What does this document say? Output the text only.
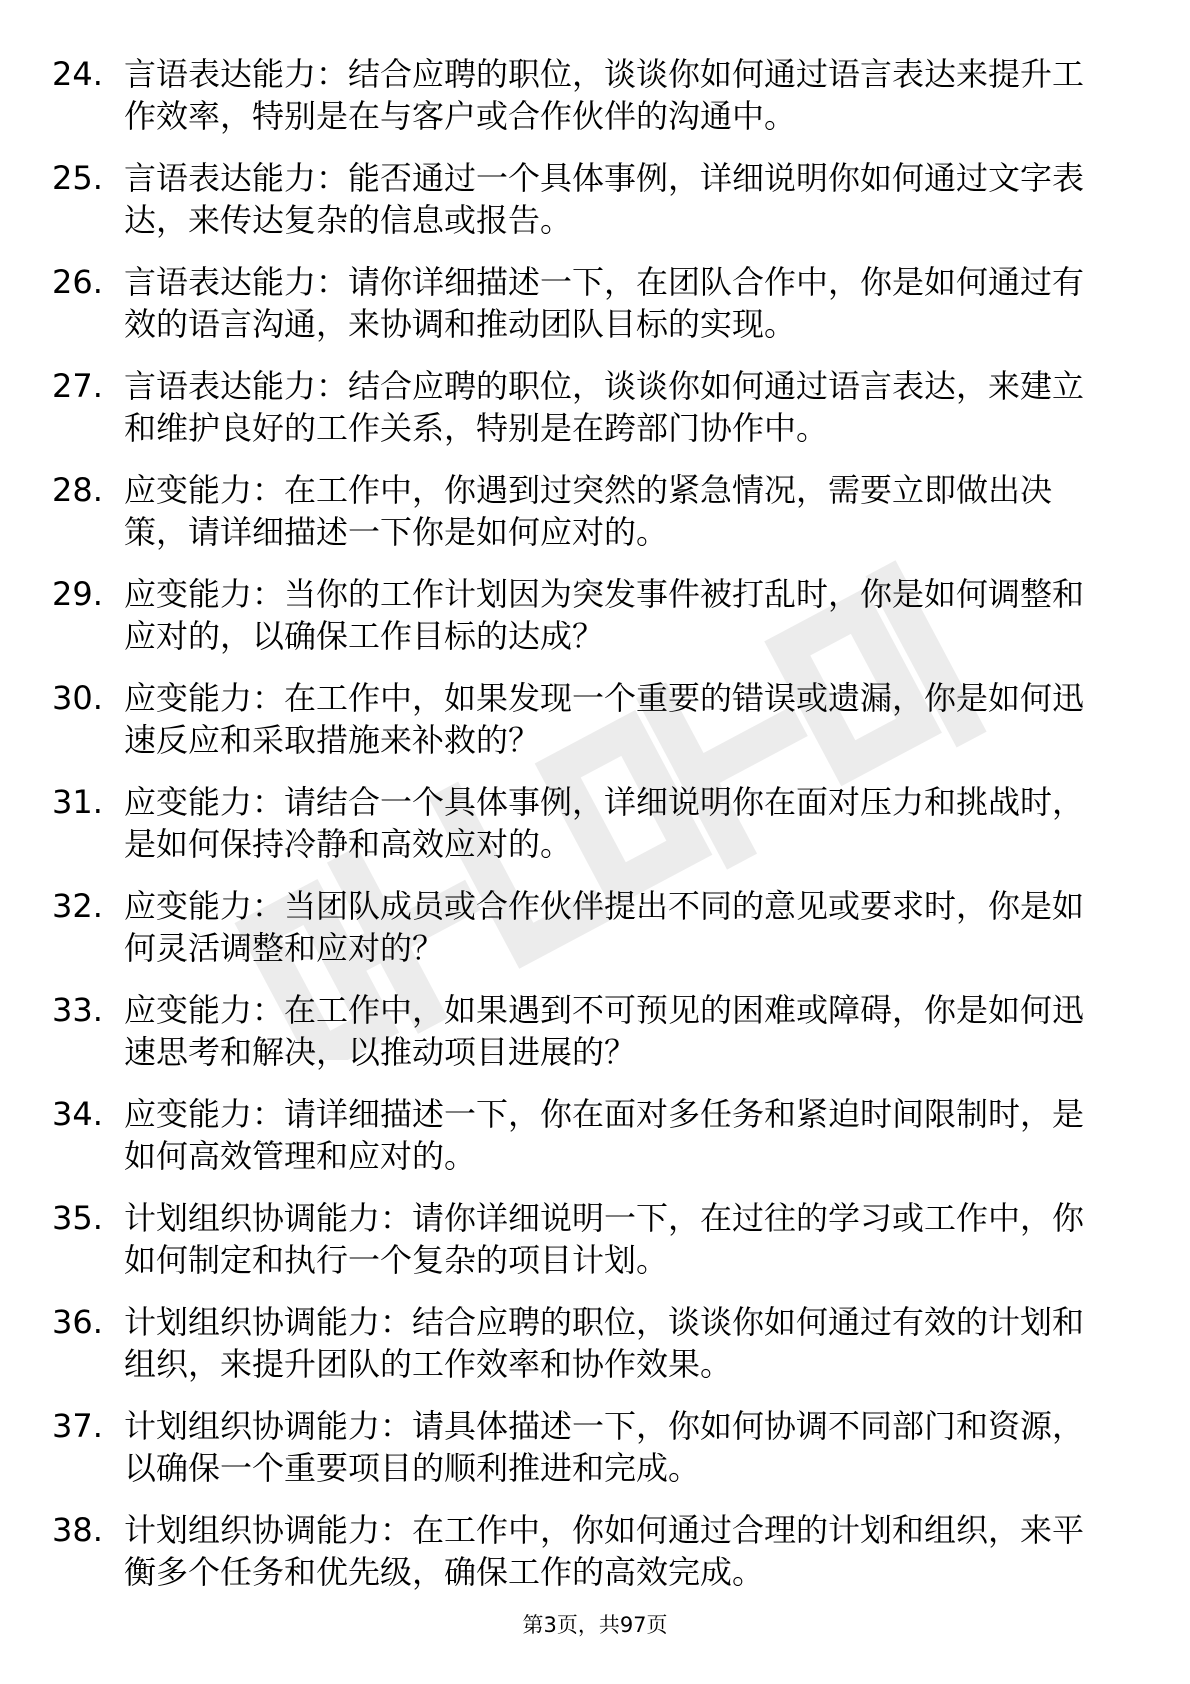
24. 言语表达能力：结合应聘的职位，谈谈你如何通过语言表达来提升工作效率，特别是在与客户或合作伙伴的沟通中。
25. 言语表达能力：能否通过一个具体事例，详细说明你如何通过文字表达，来传达复杂的信息或报告。
26. 言语表达能力：请你详细描述一下，在团队合作中，你是如何通过有效的语言沟通，来协调和推动团队目标的实现。
27. 言语表达能力：结合应聘的职位，谈谈你如何通过语言表达，来建立和维护良好的工作关系，特别是在跨部门协作中。
28. 应变能力：在工作中，你遇到过突然的紧急情况，需要立即做出决策，请详细描述一下你是如何应对的。
29. 应变能力：当你的工作计划因为突发事件被打乱时，你是如何调整和应对的，以确保工作目标的达成？
30. 应变能力：在工作中，如果发现一个重要的错误或遗漏，你是如何迅速反应和采取措施来补救的？
31. 应变能力：请结合一个具体事例，详细说明你在面对压力和挑战时，是如何保持冷静和高效应对的。
32. 应变能力：当团队成员或合作伙伴提出不同的意见或要求时，你是如何灵活调整和应对的？
33. 应变能力：在工作中，如果遇到不可预见的困难或障碍，你是如何迅速思考和解决，以推动项目进展的？
34. 应变能力：请详细描述一下，你在面对多任务和紧迫时间限制时，是如何高效管理和应对的。
35. 计划组织协调能力：请你详细说明一下，在过往的学习或工作中，你如何制定和执行一个复杂的项目计划。
36. 计划组织协调能力：结合应聘的职位，谈谈你如何通过有效的计划和组织，来提升团队的工作效率和协作效果。
37. 计划组织协调能力：请具体描述一下，你如何协调不同部门和资源，以确保一个重要项目的顺利推进和完成。
38. 计划组织协调能力：在工作中，你如何通过合理的计划和组织，来平衡多个任务和优先级，确保工作的高效完成。
第3页，共97页
